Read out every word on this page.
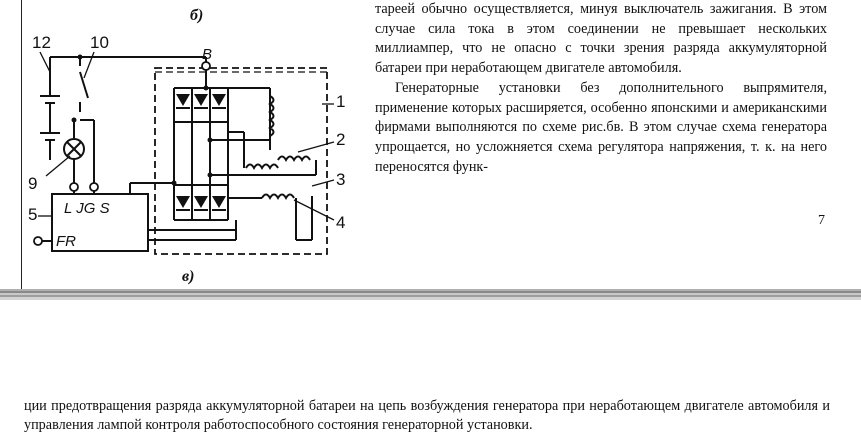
б)
в)
12 10
B
1
2
3
4
9
5 L JG S
FR

тареей обычно осуществляется, минуя выключатель зажигания. В этом случае сила тока в этом соединении не превышает нескольких миллиампер, что не опасно с точки зрения разряда аккумуляторной батареи при неработающем двигателе автомобиля.

Генераторные установки без дополнительного выпрямителя, применение которых расширяется, особенно японскими и американскими фирмами выполняются по схеме рис.бв. В этом случае схема генератора упрощается, но усложняется схема регулятора напряжения, т. к. на него переносятся функ-

7

ции предотвращения разряда аккумуляторной батареи на цепь возбуждения генератора при неработающем двигателе автомобиля и управления лампой контроля работоспособного состояния генераторной установки.
